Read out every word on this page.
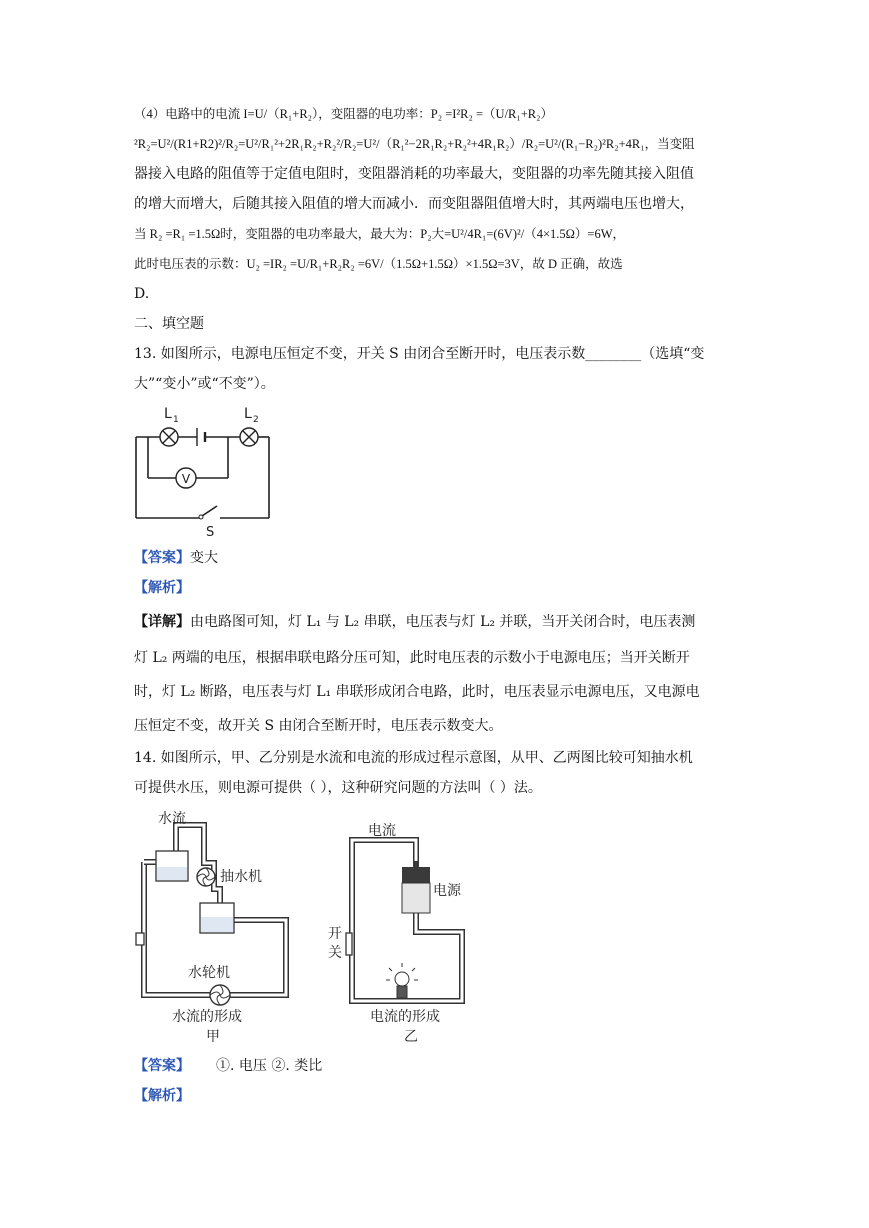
（4）电路中的电流 I=U/（R₁+R₂），变阻器的电功率：P₂ =I²R₂ =（U/R₁+R₂）
²R₂=U²/(R1+R2)²/R₂=U²/R₁²+2R₁R₂+R₂²/R₂=U²/（R₁²−2R₁R₂+R₂²+4R₁R₂）/R₂=U²/(R₁−R₂)²R₂+4R₁，当变阻
器接入电路的阻值等于定值电阻时，变阻器消耗的功率最大，变阻器的功率先随其接入阻值
的增大而增大，后随其接入阻值的增大而减小．而变阻器阻值增大时，其两端电压也增大，
当 R₂ =R₁ =1.5Ω时，变阻器的电功率最大，最大为：P₂大=U²/4R₁=(6V)²/（4×1.5Ω）=6W，
此时电压表的示数：U₂ =IR₂ =U/R₁+R₂R₂ =6V/（1.5Ω+1.5Ω）×1.5Ω=3V，故 D 正确，故选
D.
二、填空题
13. 如图所示，电源电压恒定不变，开关 S 由闭合至断开时，电压表示数________（选填“变
大”“变小”或“不变”）。
V
L 1	L 2
S
【答案】变大
【解析】
【详解】由电路图可知，灯 L₁ 与 L₂ 串联，电压表与灯 L₂ 并联，当开关闭合时，电压表测
灯 L₂ 两端的电压，根据串联电路分压可知，此时电压表的示数小于电源电压；当开关断开
时，灯 L₂ 断路，电压表与灯 L₁ 串联形成闭合电路，此时，电压表显示电源电压，又电源电
压恒定不变，故开关 S 由闭合至断开时，电压表示数变大。
14. 如图所示，甲、乙分别是水流和电流的形成过程示意图，从甲、乙两图比较可知抽水机
可提供水压，则电源可提供（ ），这种研究问题的方法叫（ ）法。
水流
抽水机
水轮机
水流的形成
甲
电流
电源
开
关
电流的形成
乙
【答案】 ①. 电压 ②. 类比
【解析】
